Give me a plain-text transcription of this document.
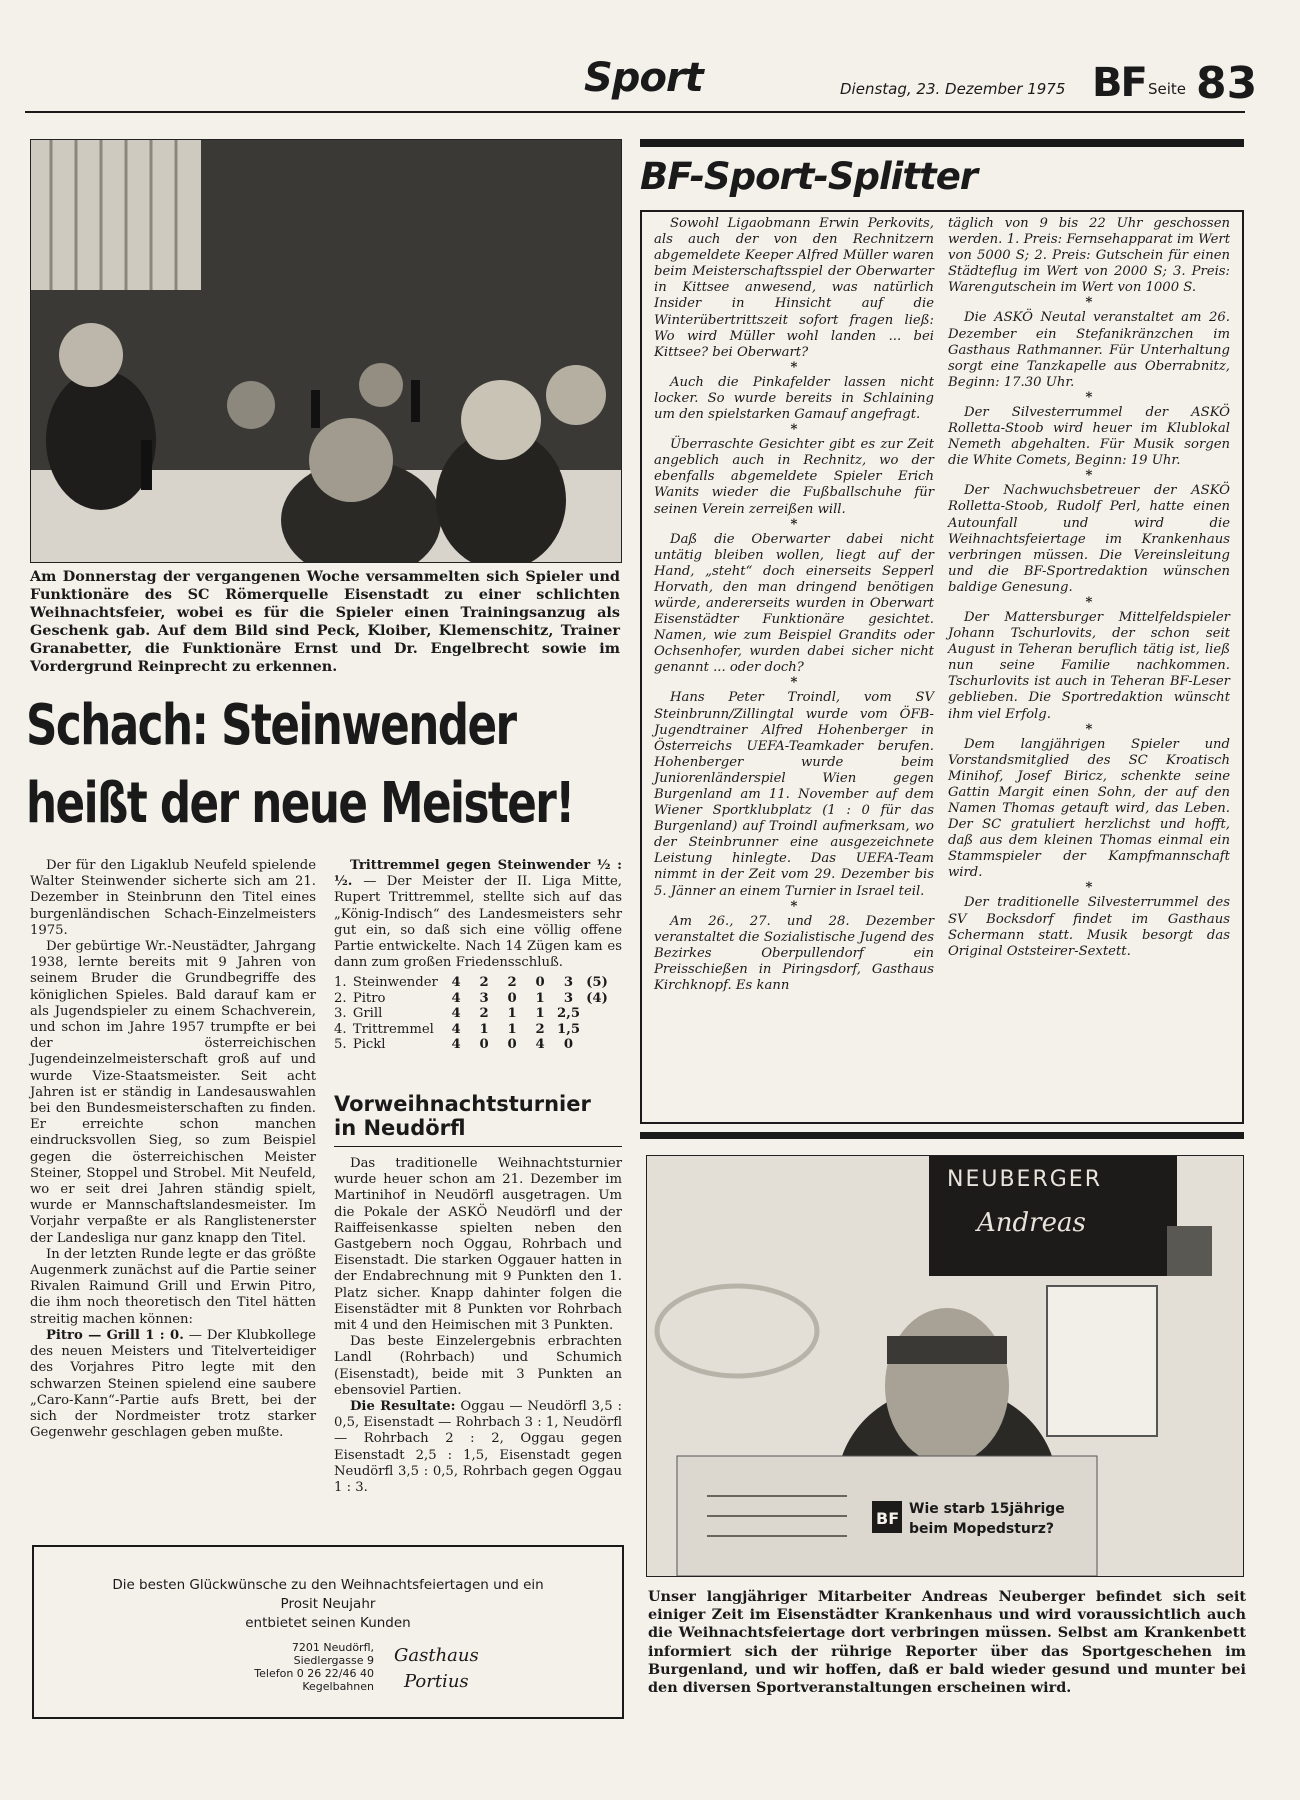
Sport	Dienstag, 23. Dezember 1975 BF Seite 83
Am Donnerstag der vergangenen Woche versammelten sich Spieler und Funktionäre des SC Römerquelle Eisenstadt zu einer schlichten Weihnachtsfeier, wobei es für die Spieler einen Trainingsanzug als Geschenk gab. Auf dem Bild sind Peck, Kloiber, Klemenschitz, Trainer Granabetter, die Funktionäre Ernst und Dr. Engelbrecht sowie im Vordergrund Reinprecht zu erkennen.
Schach: Steinwender
heißt der neue Meister!

Der für den Ligaklub Neufeld spielende Walter Steinwender sicherte sich am 21. Dezember in Steinbrunn den Titel eines burgenländischen Schach-Einzelmeisters 1975.

Der gebürtige Wr.-Neustädter, Jahrgang 1938, lernte bereits mit 9 Jahren von seinem Bruder die Grundbegriffe des königlichen Spieles. Bald darauf kam er als Jugendspieler zu einem Schachverein, und schon im Jahre 1957 trumpfte er bei der österreichischen Jugendeinzelmeisterschaft groß auf und wurde Vize-Staatsmeister. Seit acht Jahren ist er ständig in Landesauswahlen bei den Bundesmeisterschaften zu finden. Er erreichte schon manchen eindrucksvollen Sieg, so zum Beispiel gegen die österreichischen Meister Steiner, Stoppel und Strobel. Mit Neufeld, wo er seit drei Jahren ständig spielt, wurde er Mannschaftslandesmeister. Im Vorjahr verpaßte er als Ranglistenerster der Landesliga nur ganz knapp den Titel.

In der letzten Runde legte er das größte Augenmerk zunächst auf die Partie seiner Rivalen Raimund Grill und Erwin Pitro, die ihm noch theoretisch den Titel hätten streitig machen können:

Pitro — Grill 1 : 0. — Der Klubkollege des neuen Meisters und Titelverteidiger des Vorjahres Pitro legte mit den schwarzen Steinen spielend eine saubere „Caro-Kann“-Partie aufs Brett, bei der sich der Nordmeister trotz starker Gegenwehr geschlagen geben mußte.

Trittremmel gegen Steinwender ½ : ½. — Der Meister der II. Liga Mitte, Rupert Trittremmel, stellte sich auf das „König-Indisch“ des Landesmeisters sehr gut ein, so daß sich eine völlig offene Partie entwickelte. Nach 14 Zügen kam es dann zum großen Friedensschluß.

1.	Steinwender	4	2	2	0	3	(5)
2.	Pitro	4	3	0	1	3	(4)
3.	Grill	4	2	1	1	2,5	
4.	Trittremmel	4	1	1	2	1,5	
5.	Pickl	4	0	0	4	0	
Vorweihnachtsturnier
in Neudörfl

Das traditionelle Weihnachtsturnier wurde heuer schon am 21. Dezember im Martinihof in Neudörfl ausgetragen. Um die Pokale der ASKÖ Neudörfl und der Raiffeisenkasse spielten neben den Gastgebern noch Oggau, Rohrbach und Eisenstadt. Die starken Oggauer hatten in der Endabrechnung mit 9 Punkten den 1. Platz sicher. Knapp dahinter folgen die Eisenstädter mit 8 Punkten vor Rohrbach mit 4 und den Heimischen mit 3 Punkten.

Das beste Einzelergebnis erbrachten Landl (Rohrbach) und Schumich (Eisenstadt), beide mit 3 Punkten an ebensoviel Partien.

Die Resultate: Oggau — Neudörfl 3,5 : 0,5, Eisenstadt — Rohrbach 3 : 1, Neudörfl — Rohrbach 2 : 2, Oggau gegen Eisenstadt 2,5 : 1,5, Eisenstadt gegen Neudörfl 3,5 : 0,5, Rohrbach gegen Oggau 1 : 3.

Die besten Glückwünsche zu den Weihnachtsfeiertagen und ein
Prosit Neujahr
entbietet seinen Kunden
7201 Neudörfl,
Siedlergasse 9
Telefon 0 26 22/46 40
Kegelbahnen
Gasthaus
Portius
BF-Sport-Splitter

Sowohl Ligaobmann Erwin Perkovits, als auch der von den Rechnitzern abgemeldete Keeper Alfred Müller waren beim Meisterschaftsspiel der Oberwarter in Kittsee anwesend, was natürlich Insider in Hinsicht auf die Winterübertrittszeit sofort fragen ließ: Wo wird Müller wohl landen ... bei Kittsee? bei Oberwart?

*

Auch die Pinkafelder lassen nicht locker. So wurde bereits in Schlaining um den spielstarken Gamauf angefragt.

*

Überraschte Gesichter gibt es zur Zeit angeblich auch in Rechnitz, wo der ebenfalls abgemeldete Spieler Erich Wanits wieder die Fußballschuhe für seinen Verein zerreißen will.

*

Daß die Oberwarter dabei nicht untätig bleiben wollen, liegt auf der Hand, „steht“ doch einerseits Sepperl Horvath, den man dringend benötigen würde, andererseits wurden in Oberwart Eisenstädter Funktionäre gesichtet. Namen, wie zum Beispiel Grandits oder Ochsenhofer, wurden dabei sicher nicht genannt ... oder doch?

*

Hans Peter Troindl, vom SV Steinbrunn/Zillingtal wurde vom ÖFB-Jugendtrainer Alfred Hohenberger in Österreichs UEFA-Teamkader berufen. Hohenberger wurde beim Juniorenländerspiel Wien gegen Burgenland am 11. November auf dem Wiener Sportklubplatz (1 : 0 für das Burgenland) auf Troindl aufmerksam, wo der Steinbrunner eine ausgezeichnete Leistung hinlegte. Das UEFA-Team nimmt in der Zeit vom 29. Dezember bis 5. Jänner an einem Turnier in Israel teil.

*

Am 26., 27. und 28. Dezember veranstaltet die Sozialistische Jugend des Bezirkes Oberpullendorf ein Preisschießen in Piringsdorf, Gasthaus Kirchknopf. Es kann

täglich von 9 bis 22 Uhr geschossen werden. 1. Preis: Fernsehapparat im Wert von 5000 S; 2. Preis: Gutschein für einen Städteflug im Wert von 2000 S; 3. Preis: Warengutschein im Wert von 1000 S.

*

Die ASKÖ Neutal veranstaltet am 26. Dezember ein Stefanikränzchen im Gasthaus Rathmanner. Für Unterhaltung sorgt eine Tanzkapelle aus Oberrabnitz, Beginn: 17.30 Uhr.

*

Der Silvesterrummel der ASKÖ Rolletta-Stoob wird heuer im Klublokal Nemeth abgehalten. Für Musik sorgen die White Comets, Beginn: 19 Uhr.

*

Der Nachwuchsbetreuer der ASKÖ Rolletta-Stoob, Rudolf Perl, hatte einen Autounfall und wird die Weihnachtsfeiertage im Krankenhaus verbringen müssen. Die Vereinsleitung und die BF-Sportredaktion wünschen baldige Genesung.

*

Der Mattersburger Mittelfeldspieler Johann Tschurlovits, der schon seit August in Teheran beruflich tätig ist, ließ nun seine Familie nachkommen. Tschurlovits ist auch in Teheran BF-Leser geblieben. Die Sportredaktion wünscht ihm viel Erfolg.

*

Dem langjährigen Spieler und Vorstandsmitglied des SC Kroatisch Minihof, Josef Biricz, schenkte seine Gattin Margit einen Sohn, der auf den Namen Thomas getauft wird, das Leben. Der SC gratuliert herzlichst und hofft, daß aus dem kleinen Thomas einmal ein Stammspieler der Kampfmannschaft wird.

*

Der traditionelle Silvesterrummel des SV Bocksdorf findet im Gasthaus Schermann statt. Musik besorgt das Original Oststeirer-Sextett.

NEUBERGER
Andreas
BF Wie starb 15jährige
beim Mopedsturz?
Unser langjähriger Mitarbeiter Andreas Neuberger befindet sich seit einiger Zeit im Eisenstädter Krankenhaus und wird voraussichtlich auch die Weihnachtsfeiertage dort verbringen müssen. Selbst am Krankenbett informiert sich der rührige Reporter über das Sportgeschehen im Burgenland, und wir hoffen, daß er bald wieder gesund und munter bei den diversen Sportveranstaltungen erscheinen wird.
